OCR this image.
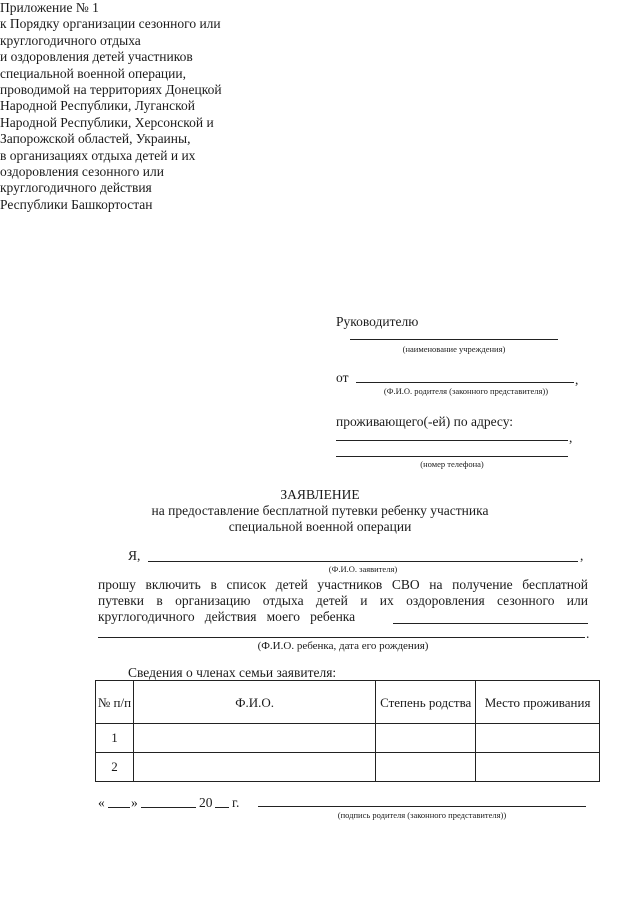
Приложение № 1
к Порядку организации сезонного или
круглогодичного отдыха
и оздоровления детей участников
специальной военной операции,
проводимой на территориях Донецкой
Народной Республики, Луганской
Народной Республики, Херсонской и
Запорожской областей, Украины,
в организациях отдыха детей и их
оздоровления сезонного или
круглогодичного действия
Республики Башкортостан
Руководителю
(наименование учреждения)
от	,
(Ф.И.О. родителя (законного представителя))
проживающего(-ей) по адресу:
,
(номер телефона)
ЗАЯВЛЕНИЕ
на предоставление бесплатной путевки ребенку участника
специальной военной операции
Я,	,
(Ф.И.О. заявителя)
прошу включить в список детей участников СВО на получение бесплатной
путевки в организацию отдыха детей и их оздоровления сезонного или
круглогодичного   действия   моего   ребенка
.
(Ф.И.О. ребенка, дата его рождения)
Сведения о членах семьи заявителя:
№ п/п	Ф.И.О.	Степень родства	Место проживания
1			
2			
« »	20 г.
(подпись родителя (законного представителя))
